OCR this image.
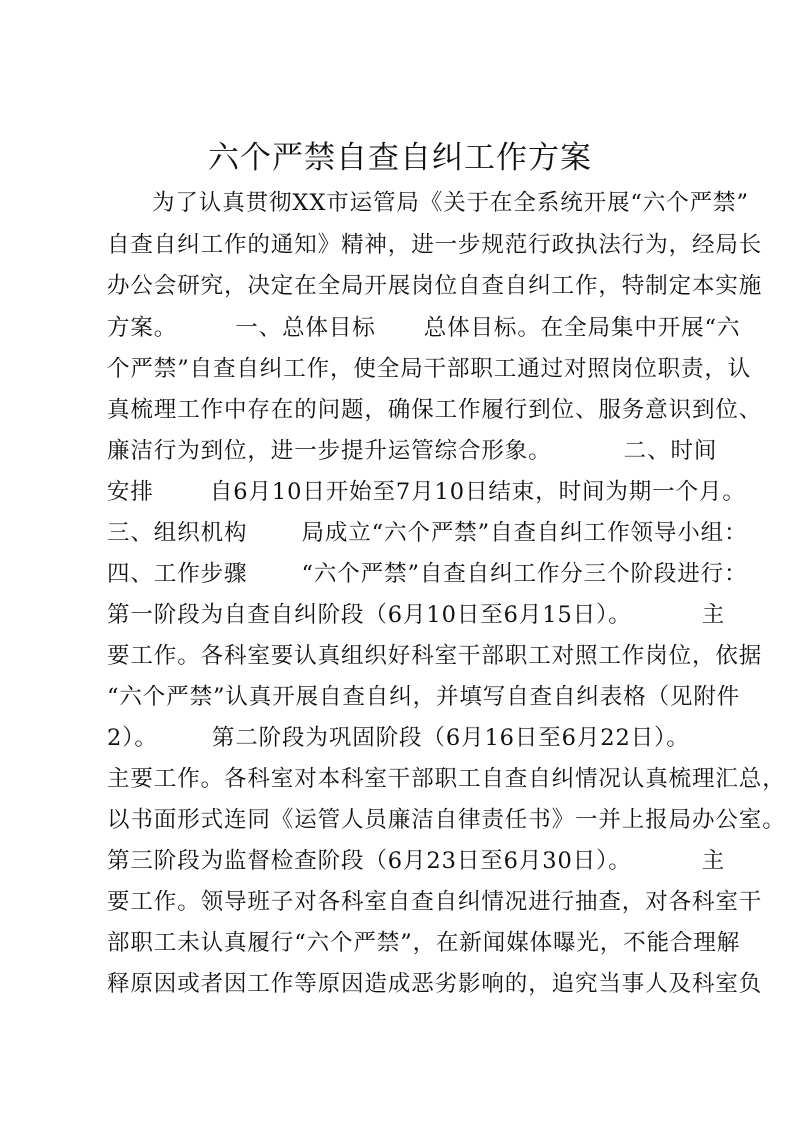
六个严禁自查自纠工作方案
为了认真贯彻XX市运管局《关于在全系统开展“六个严禁”
自查自纠工作的通知》精神，进一步规范行政执法行为，经局长
办公会研究，决定在全局开展岗位自查自纠工作，特制定本实施
方案。	一、总体目标 总体目标。在全局集中开展“六
个严禁”自查自纠工作，使全局干部职工通过对照岗位职责，认
真梳理工作中存在的问题，确保工作履行到位、服务意识到位、
廉洁行为到位，进一步提升运管综合形象。	二、时间
安排 自6月10日开始至7月10日结束，时间为期一个月。
三、组织机构 局成立“六个严禁”自查自纠工作领导小组：
四、工作步骤 “六个严禁”自查自纠工作分三个阶段进行：
第一阶段为自查自纠阶段（6月10日至6月15日）。	主
要工作。各科室要认真组织好科室干部职工对照工作岗位，依据
“六个严禁”认真开展自查自纠，并填写自查自纠表格（见附件
2）。 第二阶段为巩固阶段（6月16日至6月22日）。
主要工作。各科室对本科室干部职工自查自纠情况认真梳理汇总，
以书面形式连同《运管人员廉洁自律责任书》一并上报局办公室。
第三阶段为监督检查阶段（6月23日至6月30日）。	主
要工作。领导班子对各科室自查自纠情况进行抽查，对各科室干
部职工未认真履行“六个严禁”，在新闻媒体曝光，不能合理解
释原因或者因工作等原因造成恶劣影响的，追究当事人及科室负
